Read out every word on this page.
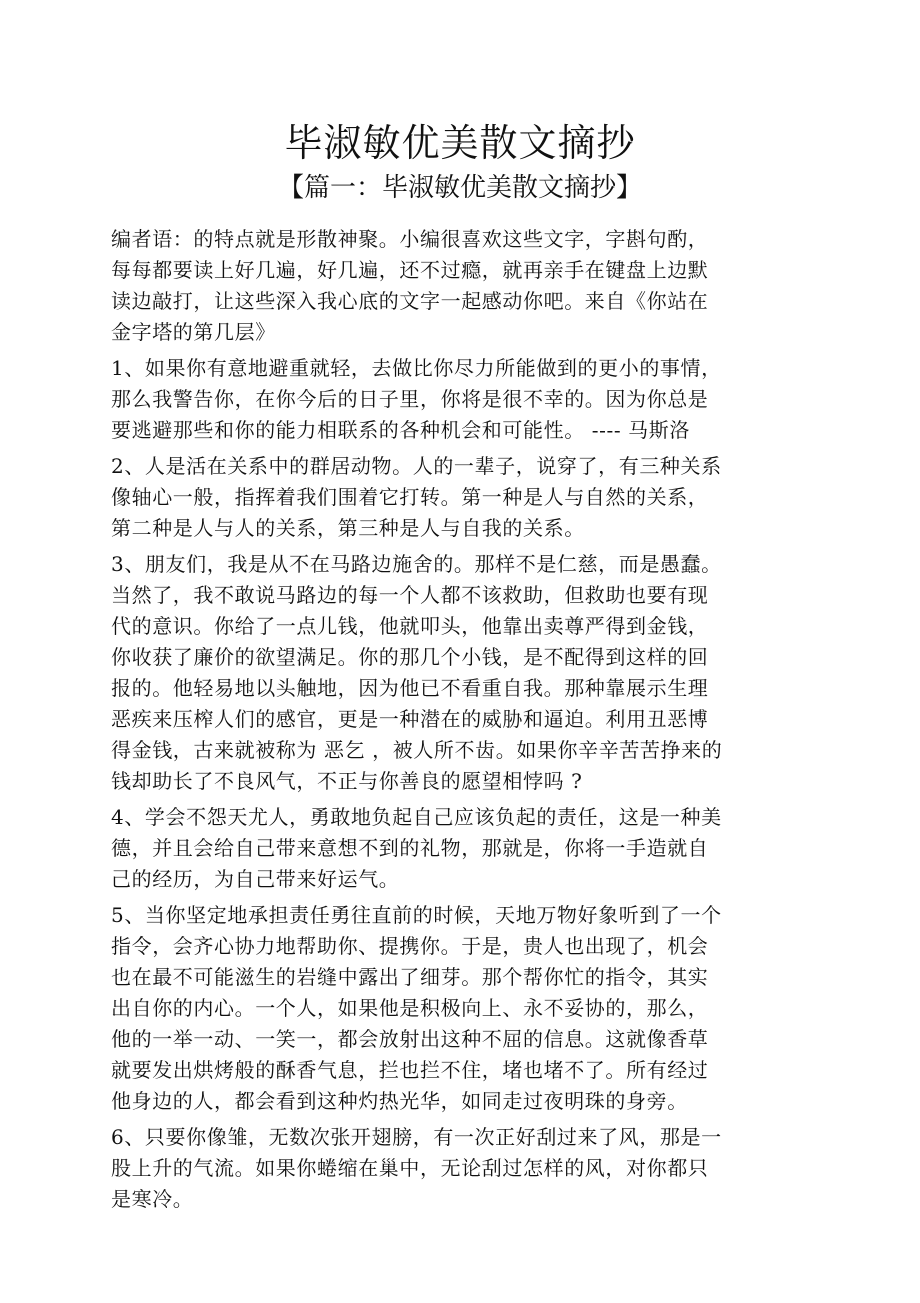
毕淑敏优美散文摘抄
【篇一：毕淑敏优美散文摘抄】
编者语：的特点就是形散神聚。小编很喜欢这些文字，字斟句酌，
每每都要读上好几遍，好几遍，还不过瘾，就再亲手在键盘上边默
读边敲打，让这些深入我心底的文字一起感动你吧。来自《你站在
金字塔的第几层》
1、如果你有意地避重就轻，去做比你尽力所能做到的更小的事情，
那么我警告你，在你今后的日子里，你将是很不幸的。因为你总是
要逃避那些和你的能力相联系的各种机会和可能性。 ---- 马斯洛
2、人是活在关系中的群居动物。人的一辈子，说穿了，有三种关系
像轴心一般，指挥着我们围着它打转。第一种是人与自然的关系，
第二种是人与人的关系，第三种是人与自我的关系。
3、朋友们，我是从不在马路边施舍的。那样不是仁慈，而是愚蠢。
当然了，我不敢说马路边的每一个人都不该救助，但救助也要有现
代的意识。你给了一点儿钱，他就叩头，他靠出卖尊严得到金钱，
你收获了廉价的欲望满足。你的那几个小钱，是不配得到这样的回
报的。他轻易地以头触地，因为他已不看重自我。那种靠展示生理
恶疾来压榨人们的感官，更是一种潜在的威胁和逼迫。利用丑恶博
得金钱，古来就被称为 恶乞 ，被人所不齿。如果你辛辛苦苦挣来的
钱却助长了不良风气，不正与你善良的愿望相悖吗 ?
4、学会不怨天尤人，勇敢地负起自己应该负起的责任，这是一种美
德，并且会给自己带来意想不到的礼物，那就是，你将一手造就自
己的经历，为自己带来好运气。
5、当你坚定地承担责任勇往直前的时候，天地万物好象听到了一个
指令，会齐心协力地帮助你、提携你。于是，贵人也出现了，机会
也在最不可能滋生的岩缝中露出了细芽。那个帮你忙的指令，其实
出自你的内心。一个人，如果他是积极向上、永不妥协的，那么，
他的一举一动、一笑一，都会放射出这种不屈的信息。这就像香草
就要发出烘烤般的酥香气息，拦也拦不住，堵也堵不了。所有经过
他身边的人，都会看到这种灼热光华，如同走过夜明珠的身旁。
6、只要你像雏，无数次张开翅膀，有一次正好刮过来了风，那是一
股上升的气流。如果你蜷缩在巢中，无论刮过怎样的风，对你都只
是寒冷。
